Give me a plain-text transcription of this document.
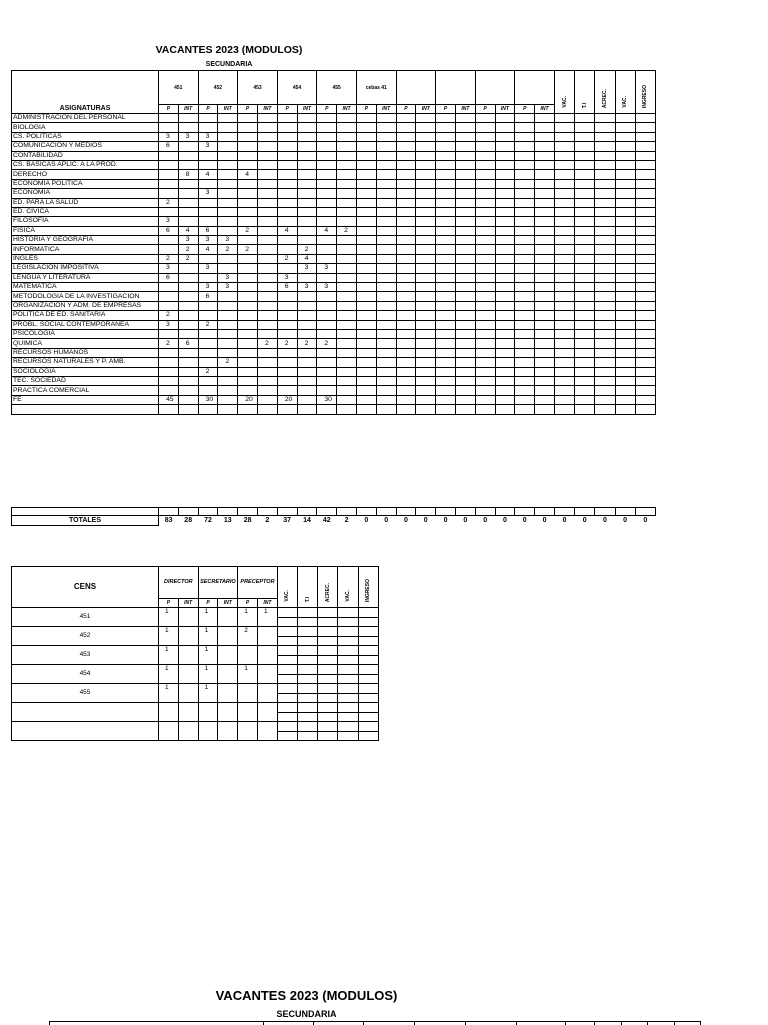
VACANTES 2023 (MODULOS)
SECUNDARIA
ASIGNATURAS	451		452		453		454		455		cebas 41										VAC.	T.I	ACREC.	VAC.	INGRESO
	P	INT	P	INT	P	INT	P	INT	P	INT	P	INT	P	INT	P	INT	P	INT	P	INT					
ADMINISTRACION DEL PERSONAL																									
BIOLOGIA																									
CS. POLITICAS	3	3	3																						
COMUNICACION Y MEDIOS	6		3																						
CONTABILIDAD																									
CS. BASICAS APLIC. A LA PROD.																									
DERECHO		8	4		4																				
ECONOMIA POLITICA																									
ECONOMIA			3																						
ED. PARA LA SALUD	2																								
ED. CIVICA																									
FILOSOFIA	3																								
FISICA	6	4	6		2		4		4	2															
HISTORIA Y GEOGRAFIA		3	3	3																					
INFORMATICA		2	4	2	2			2																	
INGLES	2	2					2	4																	
LEGISLACION IMPOSITIVA	3		3					3	3																
LENGUA Y LITERATURA	6			3			3																		
MATEMATICA			3	3			6	3	3																
METODOLOGIA DE LA INVESTIGACION			6																						
ORGANIZACION Y ADM. DE EMPRESAS																									
POLITICA DE ED. SANITARIA	2																								
PROBL. SOCIAL CONTEMPORANEA	3		2																						
PSICOLOGIA																									
QUIMICA	2	6				2	2	2	2																
RECURSOS HUMANOS																									
RECURSOS NATURALES Y P. AMB.				2																					
SOCIOLOGIA			2																						
TEC. SOCIEDAD																									
PRACTICA COMERCIAL																									
FE	45		30		20		20		30																

TOTALES	83	28	72	13	28	2	37	14	42	2	0	0	0	0	0	0	0	0	0	0	0	0	0	0	0
CENS	DIRECTOR		SECRETARIO		PRECEPTOR		VAC.	T.I	ACREC.	VAC.	INGRESO
	P	INT	P	INT	P	INT					
451	1		1		1	1					

452	1		1		2						

453	1		1								

454	1		1		1						

455	1		1								

VACANTES 2023 (MODULOS)
SECUNDARIA
